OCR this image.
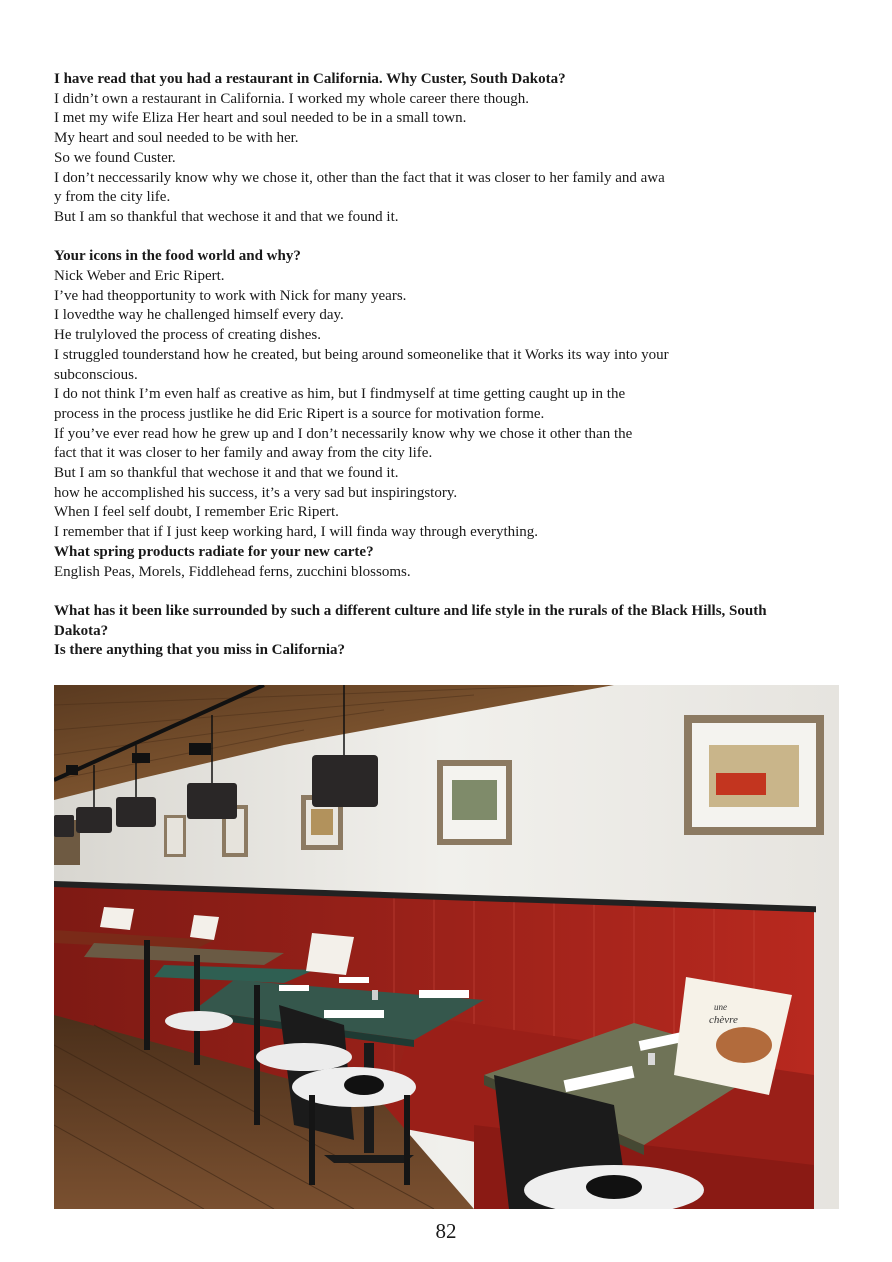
I have read that you had a restaurant in California. Why Custer, South Dakota?

I didn’t own a restaurant in California. I worked my whole career there though.

I met my wife Eliza Her heart and soul needed to be in a small town.

My heart and soul needed to be with her.

So we found Custer.

I don’t neccessarily know why we chose it, other than the fact that it was closer to her family and awa

y from the city life.

But I am so thankful that wechose it and that we found it.

Your icons in the food world and why?

Nick Weber and Eric Ripert.

I’ve had theopportunity to work with Nick for many years.

I lovedthe way he challenged himself every day.

He trulyloved the process of creating dishes.

I struggled tounderstand how he created, but being around someonelike that it Works its way into your

subconscious.

I do not think I’m even half as creative as him, but I findmyself at time getting caught up in the

process in the process justlike he did Eric Ripert is a source for motivation forme.

If you’ve ever read how he grew up and I don’t necessarily know why we chose it other than the

fact that it was closer to her family and away from the city life.

But I am so thankful that wechose it and that we found it.

how he accomplished his success, it’s a very sad but inspiringstory.

When I feel self doubt, I remember Eric Ripert.

I remember that if I just keep working hard, I will finda way through everything.

What spring products radiate for your new carte?

English Peas, Morels, Fiddlehead ferns, zucchini blossoms.

What has it been like surrounded by such a different culture and life style in the rurals of the Black Hills, South

Dakota?

Is there anything that you miss in California?

une
chèvre
82
